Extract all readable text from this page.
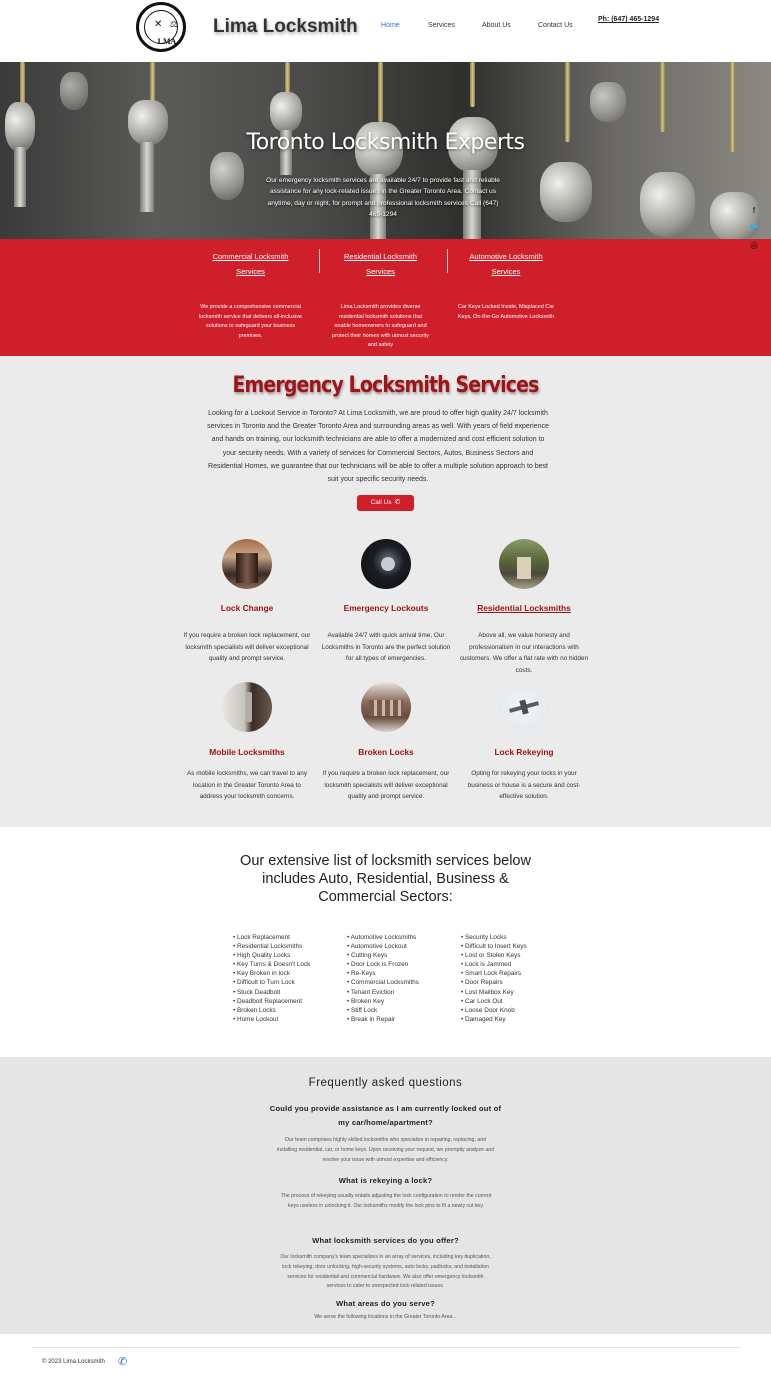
✕ ⚖
LMA
Lima Locksmith	Home	Services	About Us	Contact Us
Ph: (647) 465-1294
Toronto Locksmith Experts
Our emergency locksmith services are available 24/7 to provide fast and reliable assistance for any lock-related issues in the Greater Toronto Area. Contact us anytime, day or night, for prompt and professional locksmith services Call (647) 465-1294	f
🐦
◎
Commercial Locksmith Services
We provide a comprehensive commercial locksmith service that delivers all-inclusive solutions to safeguard your business premises.
Residential Locksmith Services
Lima Locksmith provides diverse residential locksmith solutions that enable homeowners to safeguard and protect their homes with utmost security and safety
Automotive Locksmith Services
Car Keys Locked Inside, Misplaced Car Keys, On-the-Go Automotive Locksmith
Emergency Locksmith Services
Looking for a Lockout Service in Toronto? At Lima Locksmith, we are proud to offer high quality 24/7 locksmith services in Toronto and the Greater Toronto Area and surrounding areas as well. With years of field experience and hands on training, our locksmith technicians are able to offer a modernized and cost efficient solution to your security needs. With a variety of services for Commercial Sectors, Autos, Business Sectors and Residential Homes, we guarantee that our technicians will be able to offer a multiple solution approach to best suit your specific security needs.
Call Us ✆
Lock Change
If you require a broken lock replacement, our locksmith specialists will deliver exceptional quality and prompt service.
Emergency Lockouts
Available 24/7 with quick arrival time, Our Locksmiths in Toronto are the perfect solution for all types of emergencies.
Residential Locksmiths
Above all, we value honesty and professionalism in our interactions with customers. We offer a flat rate with no hidden costs.
Mobile Locksmiths
As mobile locksmiths, we can travel to any location in the Greater Toronto Area to address your locksmith concerns.
Broken Locks
If you require a broken lock replacement, our locksmith specialists will deliver exceptional quality and prompt service.
Lock Rekeying
Opting for rekeying your locks in your business or house is a secure and cost-effective solution.
Our extensive list of locksmith services below includes Auto, Residential, Business & Commercial Sectors:
• Lock Replacement
• Residential Locksmiths
• High Quality Locks
• Key Turns & Doesn't Lock
• Key Broken in lock
• Difficult to Turn Lock
• Stuck Deadbolt
• Deadbolt Replacement
• Broken Locks
• Home Lockout
• Automotive Locksmiths
• Automotive Lockout
• Cutting Keys
• Door Lock is Frozen
• Re-Keys
• Commercial Locksmiths
• Tenant Eviction
• Broken Key
• Stiff Lock
• Break in Repair
• Security Locks
• Difficult to Insert Keys
• Lost or Stolen Keys
• Lock is Jammed
• Smart Lock Repairs
• Door Repairs
• Lost Mailbox Key
• Car Lock Out
• Loose Door Knob
• Damaged Key
Frequently asked questions
Could you provide assistance as I am currently locked out of my car/home/apartment?
Our team comprises highly skilled locksmiths who specialize in repairing, replacing, and installing residential, car, or home keys. Upon receiving your request, we promptly analyze and resolve your issue with utmost expertise and efficiency.
What is rekeying a lock?
The process of rekeying usually entails adjusting the lock configuration to render the current keys useless in unlocking it. Our locksmiths modify the lock pins to fit a newly cut key.
What locksmith services do you offer?
Our locksmith company's team specializes in an array of services, including key duplication, lock rekeying, door unlocking, high-security systems, auto locks, padlocks, and installation services for residential and commercial hardware. We also offer emergency locksmith services to cater to unexpected lock-related issues.
What areas do you serve?
We serve the following locations in the Greater Toronto Area...
© 2023 Lima Locksmith ✆
